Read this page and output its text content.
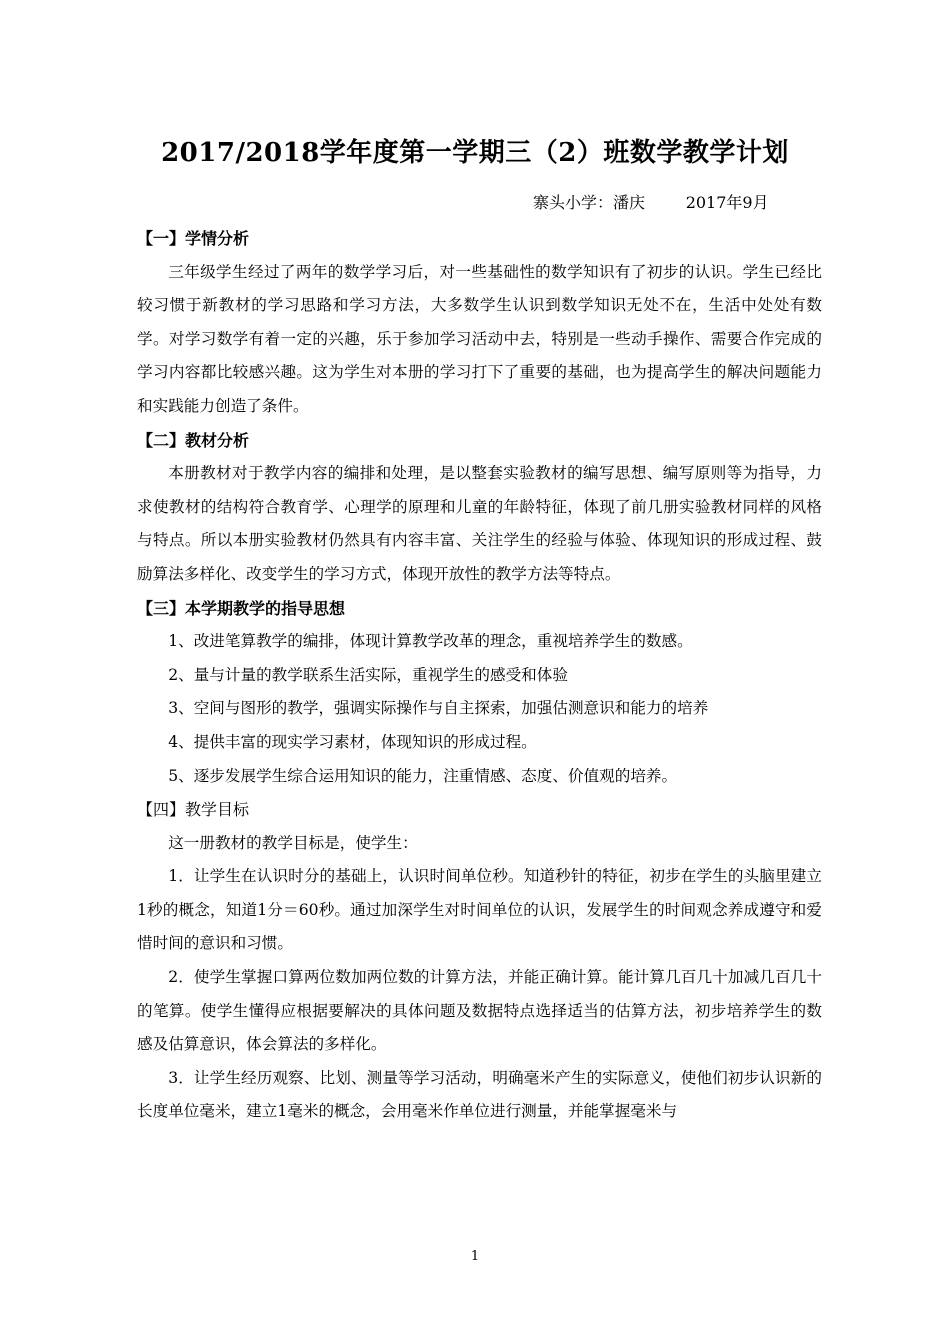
2017/2018学年度第一学期三（2）班数学教学计划
寨头小学：潘庆        2017年9月

【一】学情分析

三年级学生经过了两年的数学学习后，对一些基础性的数学知识有了初步的认识。学生已经比较习惯于新教材的学习思路和学习方法，大多数学生认识到数学知识无处不在，生活中处处有数学。对学习数学有着一定的兴趣，乐于参加学习活动中去，特别是一些动手操作、需要合作完成的学习内容都比较感兴趣。这为学生对本册的学习打下了重要的基础，也为提高学生的解决问题能力和实践能力创造了条件。

【二】教材分析

本册教材对于教学内容的编排和处理，是以整套实验教材的编写思想、编写原则等为指导，力求使教材的结构符合教育学、心理学的原理和儿童的年龄特征，体现了前几册实验教材同样的风格与特点。所以本册实验教材仍然具有内容丰富、关注学生的经验与体验、体现知识的形成过程、鼓励算法多样化、改变学生的学习方式，体现开放性的教学方法等特点。

【三】本学期教学的指导思想

1、改进笔算教学的编排，体现计算教学改革的理念，重视培养学生的数感。

2、量与计量的教学联系生活实际，重视学生的感受和体验

3、空间与图形的教学，强调实际操作与自主探索，加强估测意识和能力的培养

4、提供丰富的现实学习素材，体现知识的形成过程。

5、逐步发展学生综合运用知识的能力，注重情感、态度、价值观的培养。

【四】教学目标

这一册教材的教学目标是，使学生：

1．让学生在认识时分的基础上，认识时间单位秒。知道秒针的特征，初步在学生的头脑里建立1秒的概念，知道1分＝60秒。通过加深学生对时间单位的认识，发展学生的时间观念养成遵守和爱惜时间的意识和习惯。

2．使学生掌握口算两位数加两位数的计算方法，并能正确计算。能计算几百几十加减几百几十的笔算。使学生懂得应根据要解决的具体问题及数据特点选择适当的估算方法，初步培养学生的数感及估算意识，体会算法的多样化。

3．让学生经历观察、比划、测量等学习活动，明确毫米产生的实际意义，使他们初步认识新的长度单位毫米，建立1毫米的概念，会用毫米作单位进行测量，并能掌握毫米与

1
